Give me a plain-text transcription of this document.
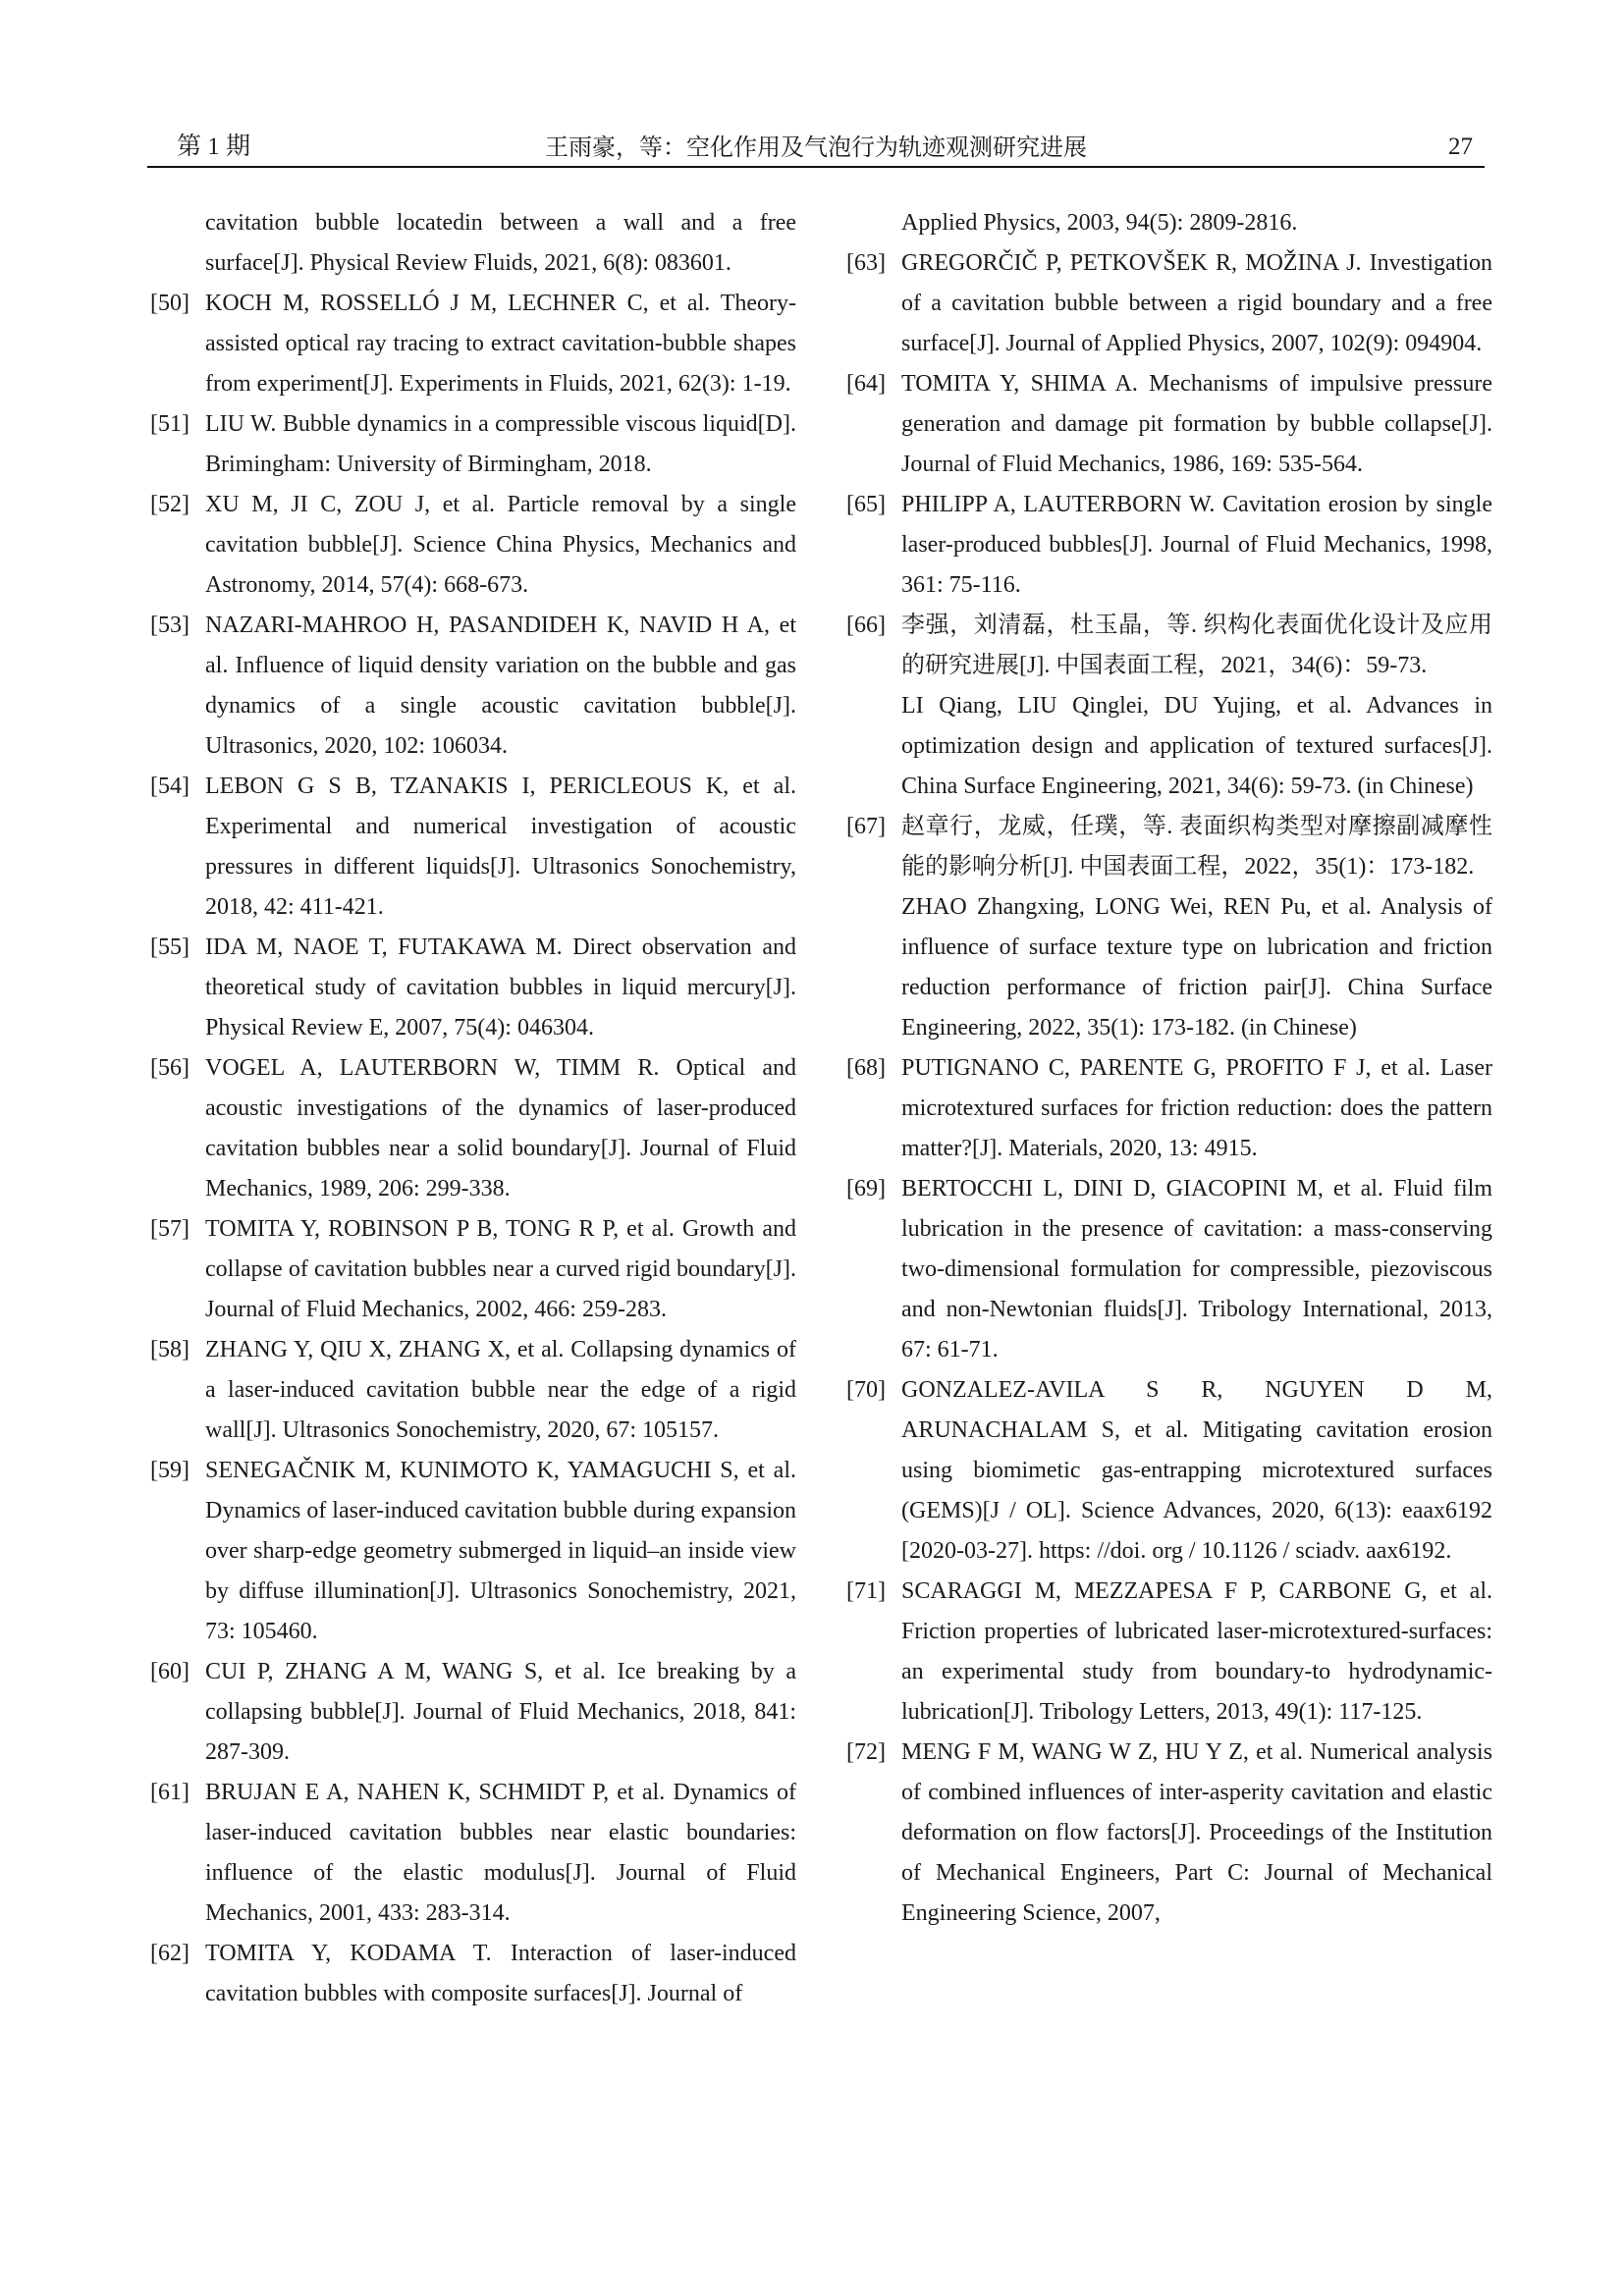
第 1 期	王雨豪，等：空化作用及气泡行为轨迹观测研究进展	27
cavitation bubble locatedin between a wall and a free surface[J]. Physical Review Fluids, 2021, 6(8): 083601.
[50] KOCH M, ROSSELLÓ J M, LECHNER C, et al. Theory-assisted optical ray tracing to extract cavitation-bubble shapes from experiment[J]. Experiments in Fluids, 2021, 62(3): 1-19.

[51] LIU W. Bubble dynamics in a compressible viscous liquid[D]. Brimingham: University of Birmingham, 2018.

[52] XU M, JI C, ZOU J, et al. Particle removal by a single cavitation bubble[J]. Science China Physics, Mechanics and Astronomy, 2014, 57(4): 668-673.

[53] NAZARI-MAHROO H, PASANDIDEH K, NAVID H A, et al. Influence of liquid density variation on the bubble and gas dynamics of a single acoustic cavitation bubble[J]. Ultrasonics, 2020, 102: 106034.

[54] LEBON G S B, TZANAKIS I, PERICLEOUS K, et al. Experimental and numerical investigation of acoustic pressures in different liquids[J]. Ultrasonics Sonochemistry, 2018, 42: 411-421.

[55] IDA M, NAOE T, FUTAKAWA M. Direct observation and theoretical study of cavitation bubbles in liquid mercury[J]. Physical Review E, 2007, 75(4): 046304.

[56] VOGEL A, LAUTERBORN W, TIMM R. Optical and acoustic investigations of the dynamics of laser-produced cavitation bubbles near a solid boundary[J]. Journal of Fluid Mechanics, 1989, 206: 299-338.

[57] TOMITA Y, ROBINSON P B, TONG R P, et al. Growth and collapse of cavitation bubbles near a curved rigid boundary[J]. Journal of Fluid Mechanics, 2002, 466: 259-283.

[58] ZHANG Y, QIU X, ZHANG X, et al. Collapsing dynamics of a laser-induced cavitation bubble near the edge of a rigid wall[J]. Ultrasonics Sonochemistry, 2020, 67: 105157.

[59] SENEGAČNIK M, KUNIMOTO K, YAMAGUCHI S, et al. Dynamics of laser-induced cavitation bubble during expansion over sharp-edge geometry submerged in liquid–an inside view by diffuse illumination[J]. Ultrasonics Sonochemistry, 2021, 73: 105460.

[60] CUI P, ZHANG A M, WANG S, et al. Ice breaking by a collapsing bubble[J]. Journal of Fluid Mechanics, 2018, 841: 287-309.

[61] BRUJAN E A, NAHEN K, SCHMIDT P, et al. Dynamics of laser-induced cavitation bubbles near elastic boundaries: influence of the elastic modulus[J]. Journal of Fluid Mechanics, 2001, 433: 283-314.

[62] TOMITA Y, KODAMA T. Interaction of laser-induced cavitation bubbles with composite surfaces[J]. Journal of

Applied Physics, 2003, 94(5): 2809-2816.
[63] GREGORČIČ P, PETKOVŠEK R, MOŽINA J. Investigation of a cavitation bubble between a rigid boundary and a free surface[J]. Journal of Applied Physics, 2007, 102(9): 094904.

[64] TOMITA Y, SHIMA A. Mechanisms of impulsive pressure generation and damage pit formation by bubble collapse[J]. Journal of Fluid Mechanics, 1986, 169: 535-564.

[65] PHILIPP A, LAUTERBORN W. Cavitation erosion by single laser-produced bubbles[J]. Journal of Fluid Mechanics, 1998, 361: 75-116.

[66] 李强，刘清磊，杜玉晶，等. 织构化表面优化设计及应用的研究进展[J]. 中国表面工程，2021，34(6)：59-73.

LI Qiang, LIU Qinglei, DU Yujing, et al. Advances in optimization design and application of textured surfaces[J]. China Surface Engineering, 2021, 34(6): 59-73. (in Chinese)

[67] 赵章行，龙威，任璞，等. 表面织构类型对摩擦副减摩性能的影响分析[J]. 中国表面工程，2022，35(1)：173-182.

ZHAO Zhangxing, LONG Wei, REN Pu, et al. Analysis of influence of surface texture type on lubrication and friction reduction performance of friction pair[J]. China Surface Engineering, 2022, 35(1): 173-182. (in Chinese)

[68] PUTIGNANO C, PARENTE G, PROFITO F J, et al. Laser microtextured surfaces for friction reduction: does the pattern matter?[J]. Materials, 2020, 13: 4915.

[69] BERTOCCHI L, DINI D, GIACOPINI M, et al. Fluid film lubrication in the presence of cavitation: a mass-conserving two-dimensional formulation for compressible, piezoviscous and non-Newtonian fluids[J]. Tribology International, 2013, 67: 61-71.

[70] GONZALEZ-AVILA S R, NGUYEN D M, ARUNACHALAM S, et al. Mitigating cavitation erosion using biomimetic gas-entrapping microtextured surfaces (GEMS)[J / OL]. Science Advances, 2020, 6(13): eaax6192 [2020-03-27]. https: //doi. org / 10.1126 / sciadv. aax6192.

[71] SCARAGGI M, MEZZAPESA F P, CARBONE G, et al. Friction properties of lubricated laser-microtextured-surfaces: an experimental study from boundary-to hydrodynamic-lubrication[J]. Tribology Letters, 2013, 49(1): 117-125.

[72] MENG F M, WANG W Z, HU Y Z, et al. Numerical analysis of combined influences of inter-asperity cavitation and elastic deformation on flow factors[J]. Proceedings of the Institution of Mechanical Engineers, Part C: Journal of Mechanical Engineering Science, 2007,
